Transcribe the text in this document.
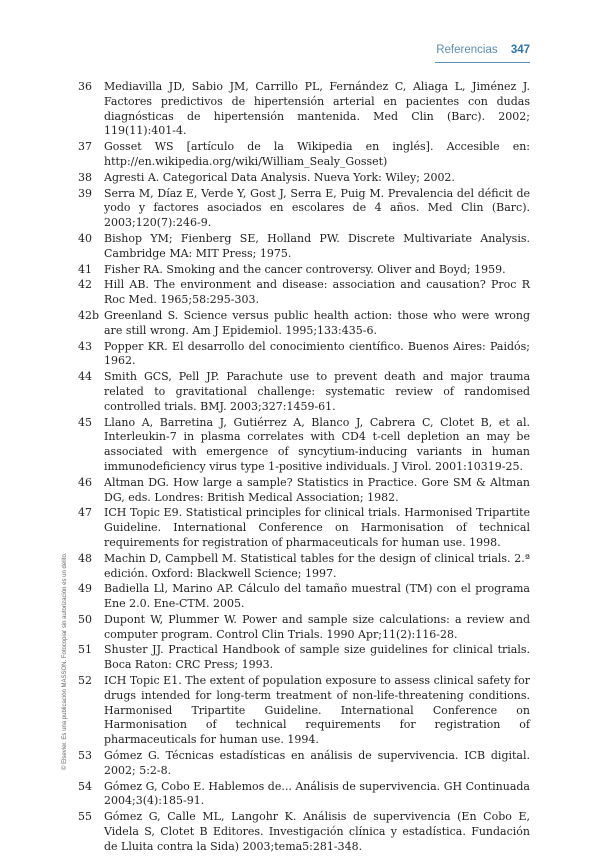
Referencias 347
36	Mediavilla JD, Sabio JM, Carrillo PL, Fernández C, Aliaga L, Jiménez J. Factores predictivos de hipertensión arterial en pacientes con dudas diagnósticas de hipertensión mantenida. Med Clin (Barc). 2002; 119(11):401-4.
37	Gosset WS [artículo de la Wikipedia en inglés]. Accesible en: http://en.wikipedia.org/wiki/William_Sealy_Gosset)
38	Agresti A. Categorical Data Analysis. Nueva York: Wiley; 2002.
39	Serra M, Díaz E, Verde Y, Gost J, Serra E, Puig M. Prevalencia del déficit de yodo y factores asociados en escolares de 4 años. Med Clin (Barc). 2003;120(7):246-9.
40	Bishop YM; Fienberg SE, Holland PW. Discrete Multivariate Analysis. Cambridge MA: MIT Press; 1975.
41	Fisher RA. Smoking and the cancer controversy. Oliver and Boyd; 1959.
42	Hill AB. The environment and disease: association and causation? Proc R Roc Med. 1965;58:295-303.
42b Greenland S. Science versus public health action: those who were wrong are still wrong. Am J Epidemiol. 1995;133:435-6.
43	Popper KR. El desarrollo del conocimiento científico. Buenos Aires: Paidós; 1962.
44	Smith GCS, Pell JP. Parachute use to prevent death and major trauma related to gravitational challenge: systematic review of randomised controlled trials. BMJ. 2003;327:1459-61.
45	Llano A, Barretina J, Gutiérrez A, Blanco J, Cabrera C, Clotet B, et al. Interleukin-7 in plasma correlates with CD4 t-cell depletion an may be associated with emergence of syncytium-inducing variants in human immunodeficiency virus type 1-positive individuals. J Virol. 2001:10319-25.
46	Altman DG. How large a sample? Statistics in Practice. Gore SM & Altman DG, eds. Londres: British Medical Association; 1982.
47	ICH Topic E9. Statistical principles for clinical trials. Harmonised Tripartite Guideline. International Conference on Harmonisation of technical requirements for registration of pharmaceuticals for human use. 1998.
48	Machin D, Campbell M. Statistical tables for the design of clinical trials. 2.ª edición. Oxford: Blackwell Science; 1997.
49	Badiella Ll, Marino AP. Cálculo del tamaño muestral (TM) con el programa Ene 2.0. Ene-CTM. 2005.
50	Dupont W, Plummer W. Power and sample size calculations: a review and computer program. Control Clin Trials. 1990 Apr;11(2):116-28.
51	Shuster JJ. Practical Handbook of sample size guidelines for clinical trials. Boca Raton: CRC Press; 1993.
52	ICH Topic E1. The extent of population exposure to assess clinical safety for drugs intended for long-term treatment of non-life-threatening conditions. Harmonised Tripartite Guideline. International Conference on Harmonisation of technical requirements for registration of pharmaceuticals for human use. 1994.
53	Gómez G. Técnicas estadísticas en análisis de supervivencia. ICB digital. 2002; 5:2-8.
54	Gómez G, Cobo E. Hablemos de... Análisis de supervivencia. GH Continuada 2004;3(4):185-91.
55	Gómez G, Calle ML, Langohr K. Análisis de supervivencia (En Cobo E, Videla S, Clotet B Editores. Investigación clínica y estadística. Fundación de Lluita contra la Sida) 2003;tema5:281-348.
© Elsevier. Es una publicación MASSON. Fotocopiar sin autorización es un delito.
